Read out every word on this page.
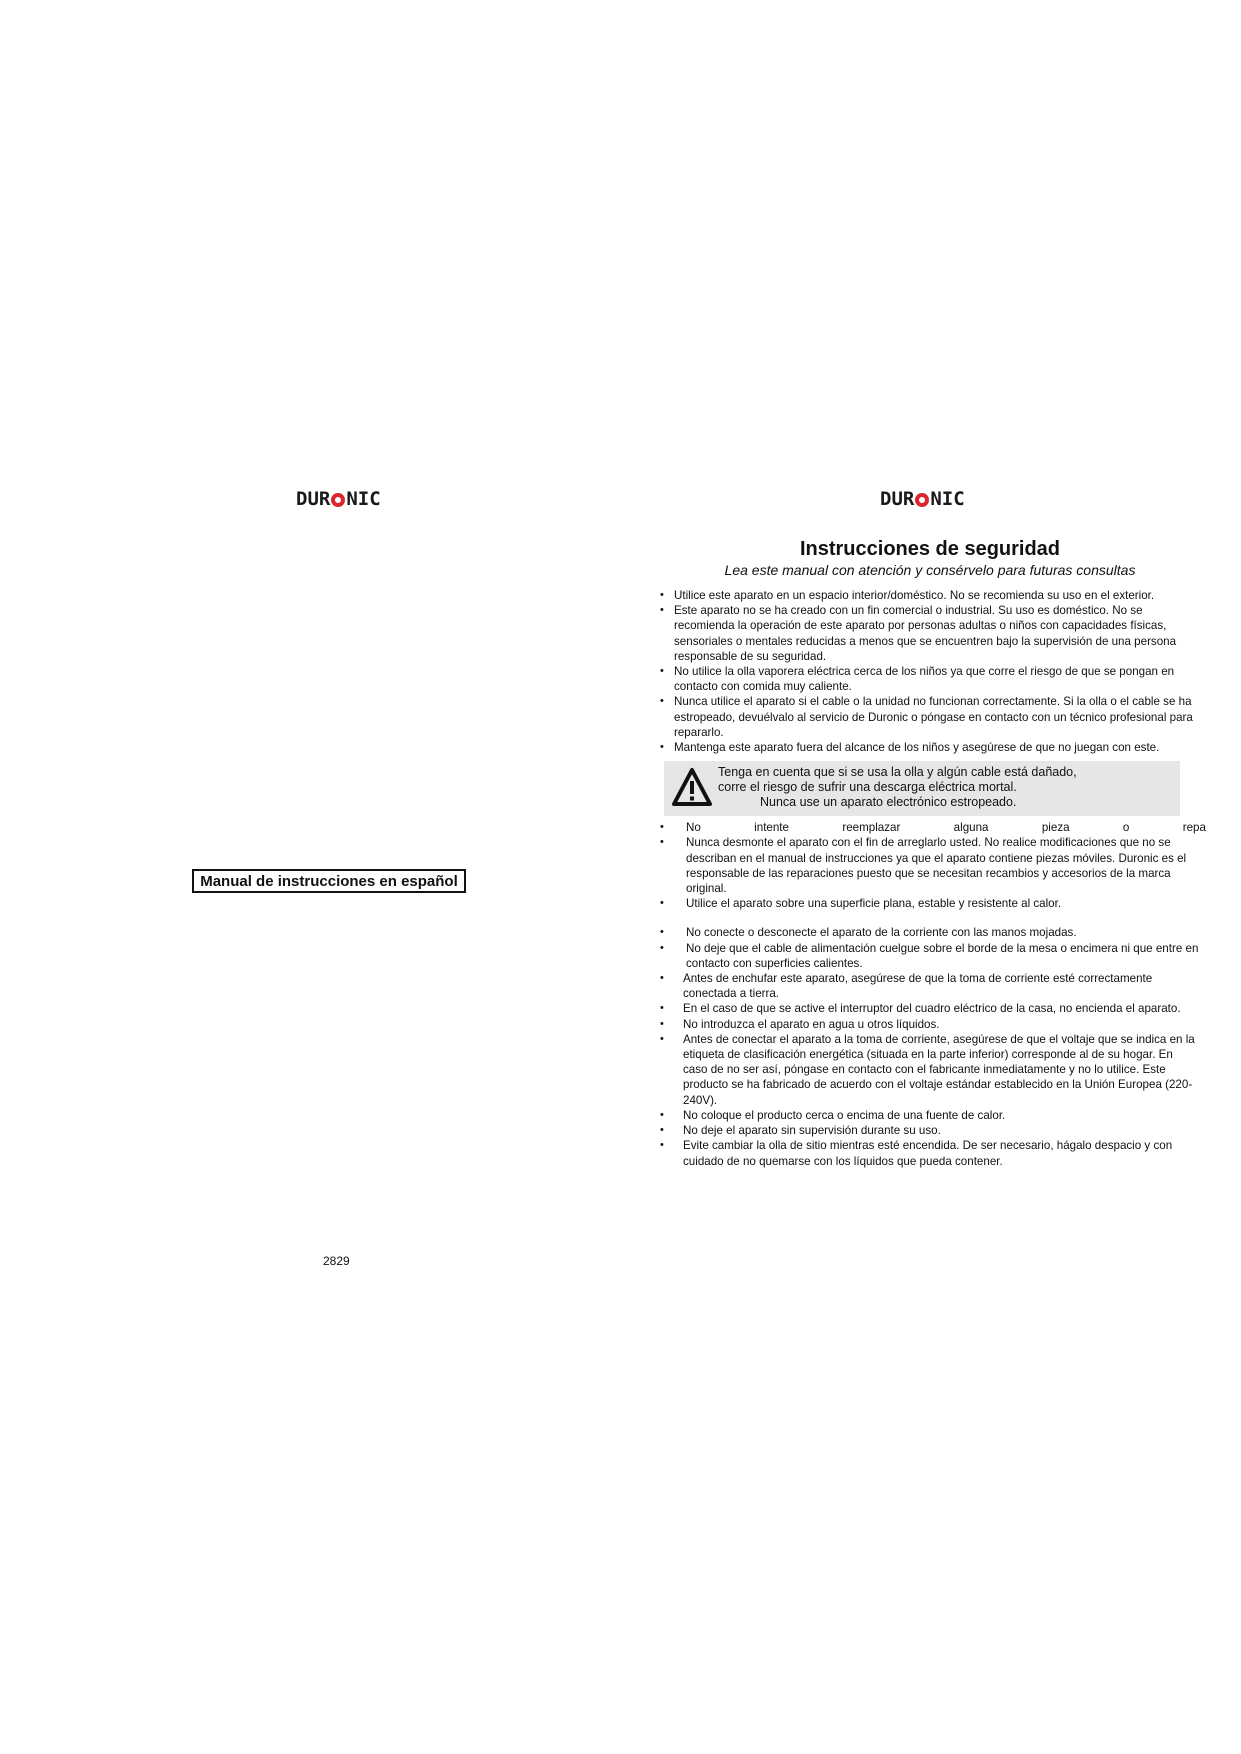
DUR NIC
Manual de instrucciones en español
2829
DUR NIC
Instrucciones de seguridad
Lea este manual con atención y consérvelo para futuras consultas
• Utilice este aparato en un espacio interior/doméstico. No se recomienda su uso en el exterior.
• Este aparato no se ha creado con un fin comercial o industrial. Su uso es doméstico. No se recomienda la operación de este aparato por personas adultas o niños con capacidades físicas, sensoriales o mentales reducidas a menos que se encuentren bajo la supervisión de una persona responsable de su seguridad.
• No utilice la olla vaporera eléctrica cerca de los niños ya que corre el riesgo de que se pongan en contacto con comida muy caliente.
• Nunca utilice el aparato si el cable o la unidad no funcionan correctamente. Si la olla o el cable se ha estropeado, devuélvalo al servicio de Duronic o póngase en contacto con un técnico profesional para repararlo.
• Mantenga este aparato fuera del alcance de los niños y asegúrese de que no juegan con este.
Tenga en cuenta que si se usa la olla y algún cable está dañado,
corre el riesgo de sufrir una descarga eléctrica mortal.
Nunca use un aparato electrónico estropeado.
• No	intente	reemplazar	alguna	pieza	o	repa
• Nunca desmonte el aparato con el fin de arreglarlo usted. No realice modificaciones que no se describan en el manual de instrucciones ya que el aparato contiene piezas móviles. Duronic es el responsable de las reparaciones puesto que se necesitan recambios y accesorios de la marca original.
• Utilice el aparato sobre una superficie plana, estable y resistente al calor.
• No conecte o desconecte el aparato de la corriente con las manos mojadas.
• No deje que el cable de alimentación cuelgue sobre el borde de la mesa o encimera ni que entre en contacto con superficies calientes.
• Antes de enchufar este aparato, asegúrese de que la toma de corriente esté correctamente conectada a tierra.
• En el caso de que se active el interruptor del cuadro eléctrico de la casa, no encienda el aparato.
• No introduzca el aparato en agua u otros líquidos.
• Antes de conectar el aparato a la toma de corriente, asegúrese de que el voltaje que se indica en la etiqueta de clasificación energética (situada en la parte inferior) corresponde al de su hogar. En caso de no ser así, póngase en contacto con el fabricante inmediatamente y no lo utilice. Este producto se ha fabricado de acuerdo con el voltaje estándar establecido en la Unión Europea (220-240V).
• No coloque el producto cerca o encima de una fuente de calor.
• No deje el aparato sin supervisión durante su uso.
• Evite cambiar la olla de sitio mientras esté encendida. De ser necesario, hágalo despacio y con cuidado de no quemarse con los líquidos que pueda contener.
